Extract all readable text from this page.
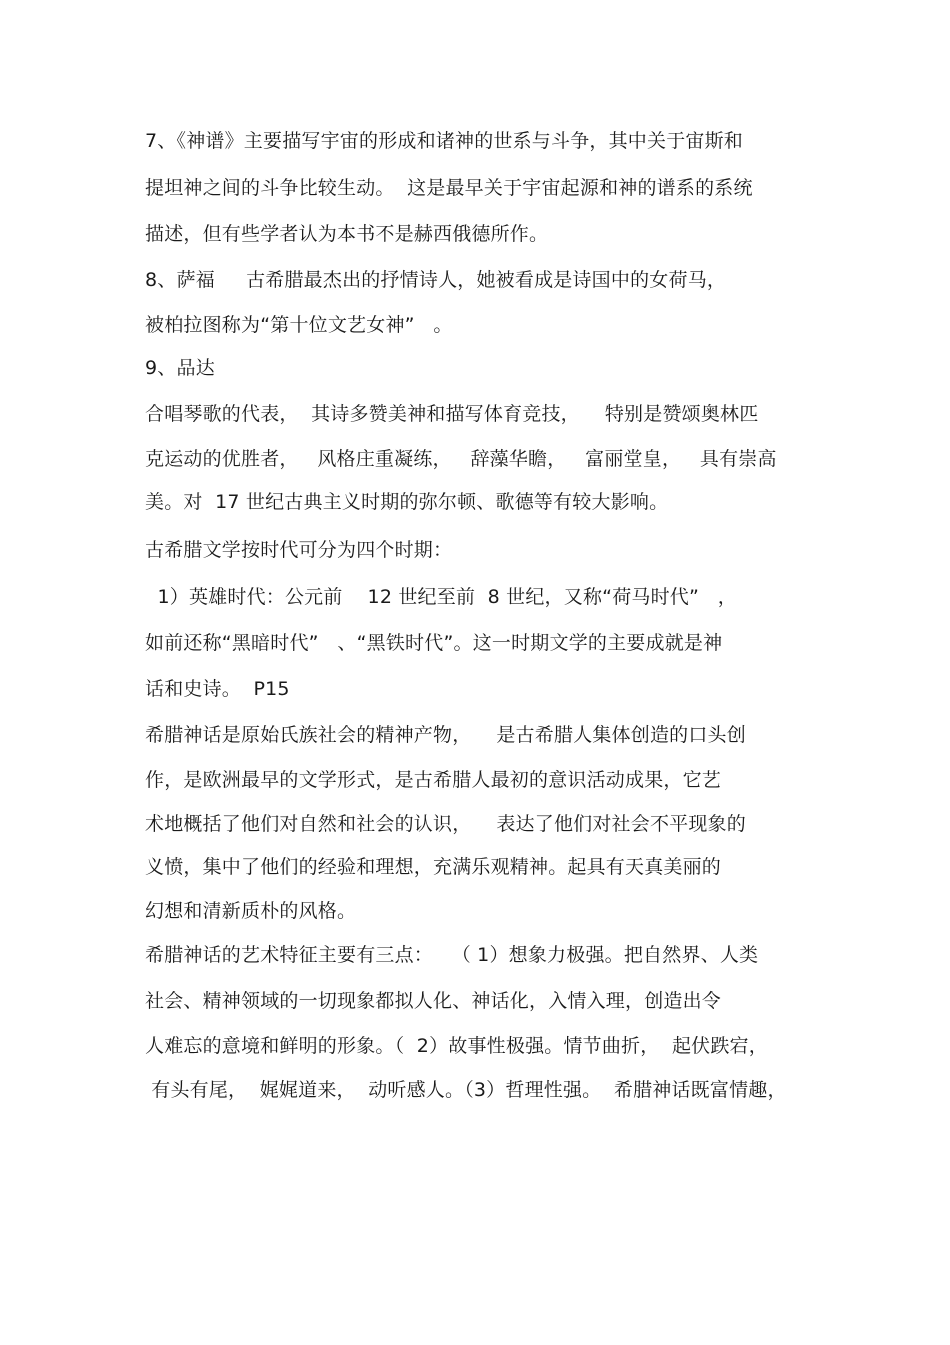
7、《神谱》主要描写宇宙的形成和诸神的世系与斗争，其中关于宙斯和
提坦神之间的斗争比较生动。  这是最早关于宇宙起源和神的谱系的系统
描述，但有些学者认为本书不是赫西俄德所作。
8、萨福     古希腊最杰出的抒情诗人，她被看成是诗国中的女荷马，
被柏拉图称为“第十位文艺女神”   。
9、品达
合唱琴歌的代表，  其诗多赞美神和描写体育竞技，    特别是赞颂奥林匹
克运动的优胜者，   风格庄重凝练，   辞藻华瞻，   富丽堂皇，   具有崇高
美。对  17 世纪古典主义时期的弥尔顿、歌德等有较大影响。
古希腊文学按时代可分为四个时期：
1）英雄时代：公元前    12 世纪至前  8 世纪，又称“荷马时代”   ，
如前还称“黑暗时代”   、“黑铁时代”。这一时期文学的主要成就是神
话和史诗。  P15
希腊神话是原始氏族社会的精神产物，    是古希腊人集体创造的口头创
作，是欧洲最早的文学形式，是古希腊人最初的意识活动成果，它艺
术地概括了他们对自然和社会的认识，    表达了他们对社会不平现象的
义愤，集中了他们的经验和理想，充满乐观精神。起具有天真美丽的
幻想和清新质朴的风格。
希腊神话的艺术特征主要有三点：   （ 1）想象力极强。把自然界、人类
社会、精神领域的一切现象都拟人化、神话化，入情入理，创造出令
人难忘的意境和鲜明的形象。（  2）故事性极强。情节曲折，  起伏跌宕，
有头有尾，  娓娓道来，  动听感人。（3）哲理性强。  希腊神话既富情趣，
